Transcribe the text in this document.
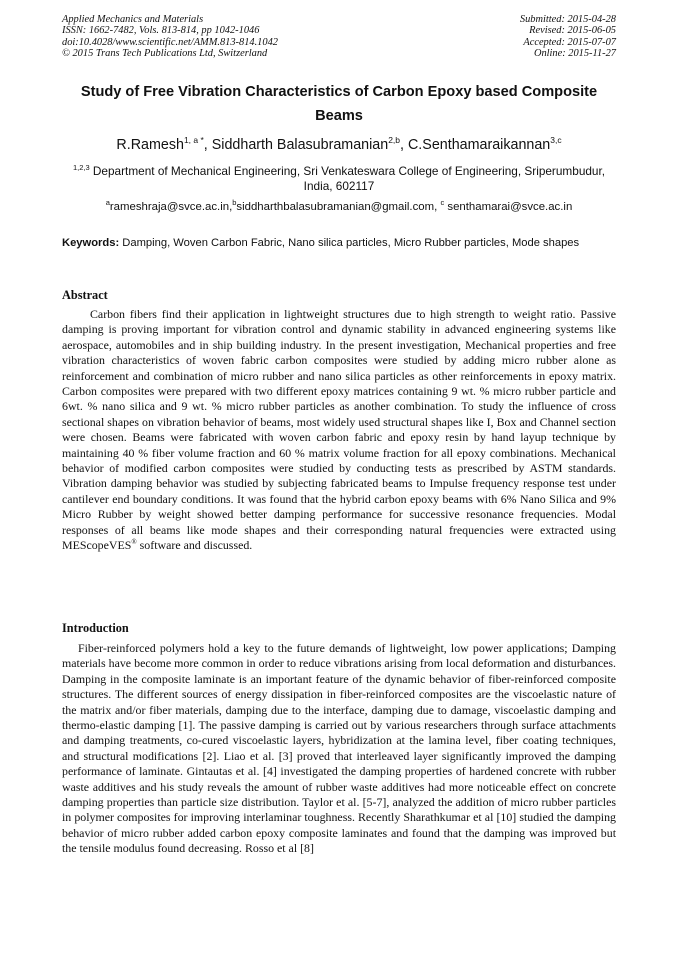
Applied Mechanics and Materials
ISSN: 1662-7482, Vols. 813-814, pp 1042-1046
doi:10.4028/www.scientific.net/AMM.813-814.1042
© 2015 Trans Tech Publications Ltd, Switzerland
Submitted: 2015-04-28
Revised: 2015-06-05
Accepted: 2015-07-07
Online: 2015-11-27
Study of Free Vibration Characteristics of Carbon Epoxy based Composite Beams
R.Ramesh$^{1, a *}$, Siddharth Balasubramanian$^{2,b}$, C.Senthamaraikannan$^{3,c}$
$^{1,2,3}$ Department of Mechanical Engineering, Sri Venkateswara College of Engineering, Sriperumbudur, India, 602117
$^a$rameshraja@svce.ac.in,$^b$siddharthbalasubramanian@gmail.com, $^c$ senthamarai@svce.ac.in
Keywords: Damping, Woven Carbon Fabric, Nano silica particles, Micro Rubber particles, Mode shapes
Abstract
Carbon fibers find their application in lightweight structures due to high strength to weight ratio. Passive damping is proving important for vibration control and dynamic stability in advanced engineering systems like aerospace, automobiles and in ship building industry. In the present investigation, Mechanical properties and free vibration characteristics of woven fabric carbon composites were studied by adding micro rubber alone as reinforcement and combination of micro rubber and nano silica particles as other reinforcements in epoxy matrix. Carbon composites were prepared with two different epoxy matrices containing 9 wt. % micro rubber particle and 6wt. % nano silica and 9 wt. % micro rubber particles as another combination. To study the influence of cross sectional shapes on vibration behavior of beams, most widely used structural shapes like I, Box and Channel section were chosen. Beams were fabricated with woven carbon fabric and epoxy resin by hand layup technique by maintaining 40 % fiber volume fraction and 60 % matrix volume fraction for all epoxy combinations. Mechanical behavior of modified carbon composites were studied by conducting tests as prescribed by ASTM standards. Vibration damping behavior was studied by subjecting fabricated beams to Impulse frequency response test under cantilever end boundary conditions. It was found that the hybrid carbon epoxy beams with 6% Nano Silica and 9% Micro Rubber by weight showed better damping performance for successive resonance frequencies. Modal responses of all beams like mode shapes and their corresponding natural frequencies were extracted using MEScopeVES® software and discussed.
Introduction
Fiber-reinforced polymers hold a key to the future demands of lightweight, low power applications; Damping materials have become more common in order to reduce vibrations arising from local deformation and disturbances. Damping in the composite laminate is an important feature of the dynamic behavior of fiber-reinforced composite structures. The different sources of energy dissipation in fiber-reinforced composites are the viscoelastic nature of the matrix and/or fiber materials, damping due to the interface, damping due to damage, viscoelastic damping and thermo-elastic damping [1]. The passive damping is carried out by various researchers through surface attachments and damping treatments, co-cured viscoelastic layers, hybridization at the lamina level, fiber coating techniques, and structural modifications [2]. Liao et al. [3] proved that interleaved layer significantly improved the damping performance of laminate. Gintautas et al. [4] investigated the damping properties of hardened concrete with rubber waste additives and his study reveals the amount of rubber waste additives had more noticeable effect on concrete damping properties than particle size distribution. Taylor et al. [5-7], analyzed the addition of micro rubber particles in polymer composites for improving interlaminar toughness. Recently Sharathkumar et al [10] studied the damping behavior of micro rubber added carbon epoxy composite laminates and found that the damping was improved but the tensile modulus found decreasing. Rosso et al [8]
